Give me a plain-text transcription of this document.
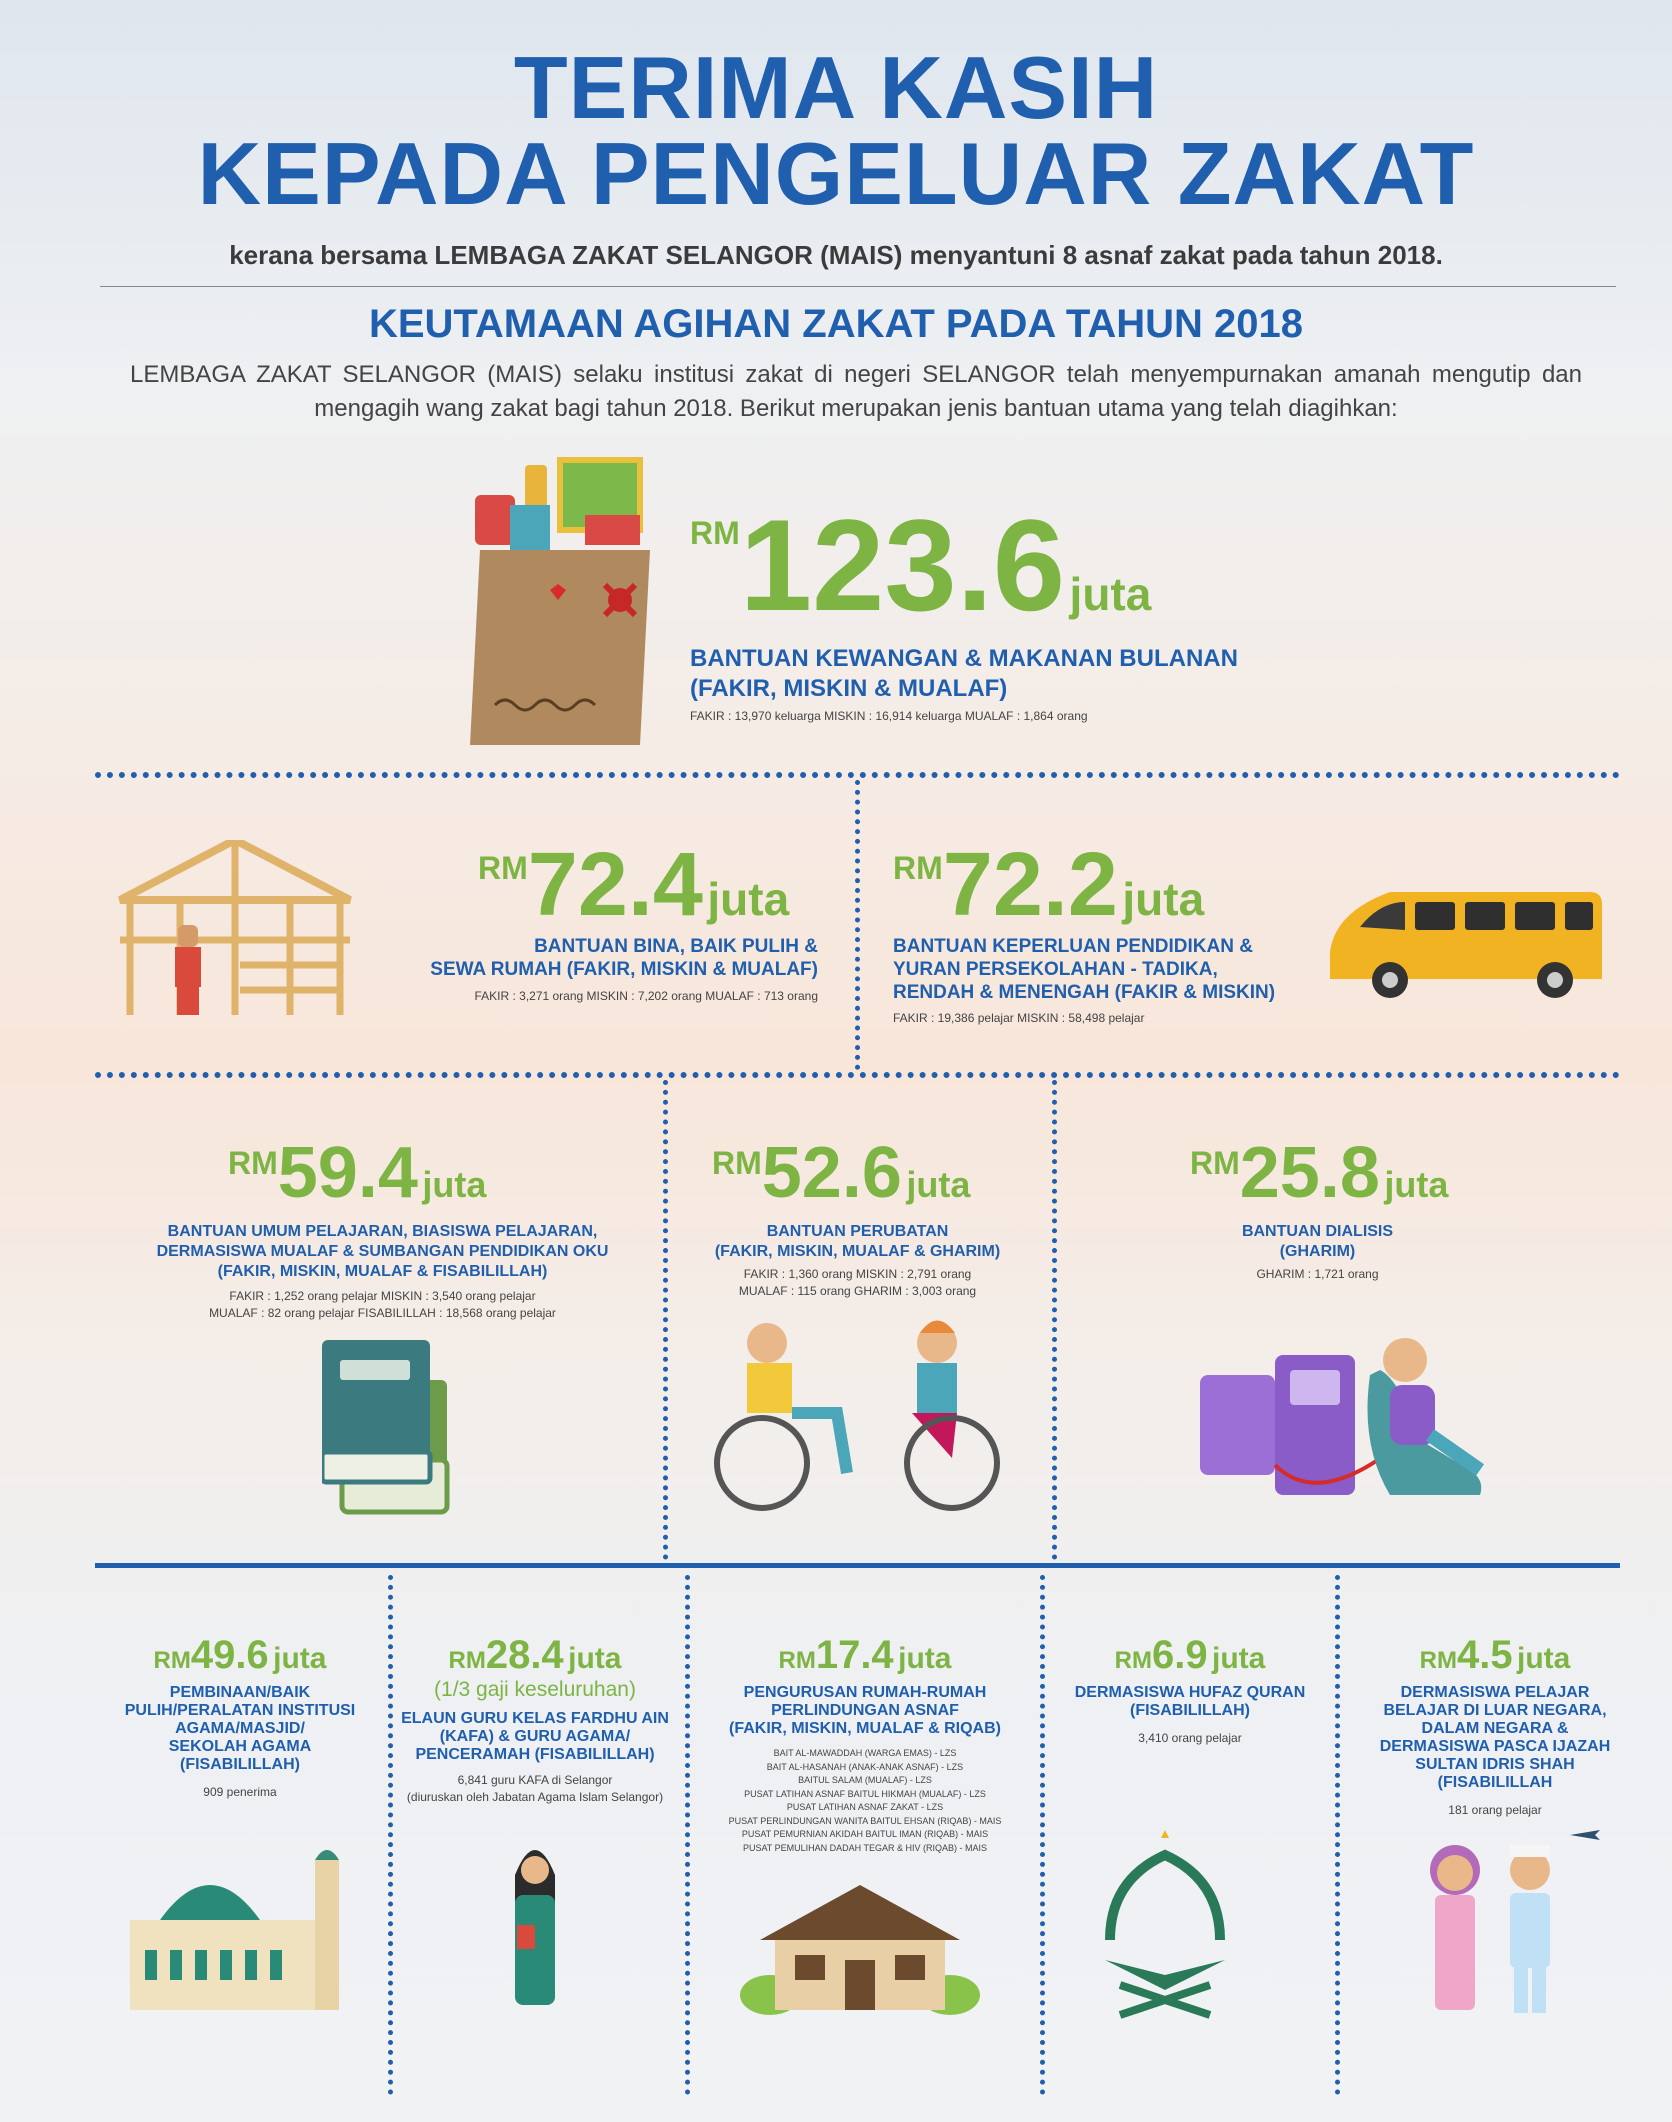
TERIMA KASIH
KEPADA PENGELUAR ZAKAT
kerana bersama LEMBAGA ZAKAT SELANGOR (MAIS) menyantuni 8 asnaf zakat pada tahun 2018.
KEUTAMAAN AGIHAN ZAKAT PADA TAHUN 2018
LEMBAGA ZAKAT SELANGOR (MAIS) selaku institusi zakat di negeri SELANGOR telah menyempurnakan amanah mengutip dan mengagih wang zakat bagi tahun 2018. Berikut merupakan jenis bantuan utama yang telah diagihkan:
RM123.6 juta
BANTUAN KEWANGAN & MAKANAN BULANAN
(FAKIR, MISKIN & MUALAF)
FAKIR : 13,970 keluarga MISKIN : 16,914 keluarga MUALAF : 1,864 orang
RM72.4 juta
BANTUAN BINA, BAIK PULIH &
SEWA RUMAH (FAKIR, MISKIN & MUALAF)
FAKIR : 3,271 orang MISKIN : 7,202 orang MUALAF : 713 orang
RM72.2 juta
BANTUAN KEPERLUAN PENDIDIKAN &
YURAN PERSEKOLAHAN - TADIKA,
RENDAH & MENENGAH (FAKIR & MISKIN)
FAKIR : 19,386 pelajar MISKIN : 58,498 pelajar
RM59.4 juta
BANTUAN UMUM PELAJARAN, BIASISWA PELAJARAN,
DERMASISWA MUALAF & SUMBANGAN PENDIDIKAN OKU
(FAKIR, MISKIN, MUALAF & FISABILILLAH)
FAKIR : 1,252 orang pelajar MISKIN : 3,540 orang pelajar
MUALAF : 82 orang pelajar FISABILILLAH : 18,568 orang pelajar
RM52.6 juta
BANTUAN PERUBATAN
(FAKIR, MISKIN, MUALAF & GHARIM)
FAKIR : 1,360 orang MISKIN : 2,791 orang
MUALAF : 115 orang GHARIM : 3,003 orang
RM25.8 juta
BANTUAN DIALISIS
(GHARIM)
GHARIM : 1,721 orang
RM49.6 juta
PEMBINAAN/BAIK
PULIH/PERALATAN INSTITUSI
AGAMA/MASJID/
SEKOLAH AGAMA
(FISABILILLAH)
909 penerima
RM28.4 juta
(1/3 gaji keseluruhan)
ELAUN GURU KELAS FARDHU AIN
(KAFA) & GURU AGAMA/
PENCERAMAH (FISABILILLAH)
6,841 guru KAFA di Selangor
(diuruskan oleh Jabatan Agama Islam Selangor)
RM17.4 juta
PENGURUSAN RUMAH-RUMAH
PERLINDUNGAN ASNAF
(FAKIR, MISKIN, MUALAF & RIQAB)
BAIT AL-MAWADDAH (WARGA EMAS) - LZS
BAIT AL-HASANAH (ANAK-ANAK ASNAF) - LZS
BAITUL SALAM (MUALAF) - LZS
PUSAT LATIHAN ASNAF BAITUL HIKMAH (MUALAF) - LZS
PUSAT LATIHAN ASNAF ZAKAT - LZS
PUSAT PERLINDUNGAN WANITA BAITUL EHSAN (RIQAB) - MAIS
PUSAT PEMURNIAN AKIDAH BAITUL IMAN (RIQAB) - MAIS
PUSAT PEMULIHAN DADAH TEGAR & HIV (RIQAB) - MAIS
RM6.9 juta
DERMASISWA HUFAZ QURAN
(FISABILILLAH)
3,410 orang pelajar
RM4.5 juta
DERMASISWA PELAJAR
BELAJAR DI LUAR NEGARA,
DALAM NEGARA &
DERMASISWA PASCA IJAZAH
SULTAN IDRIS SHAH
(FISABILILLAH
181 orang pelajar
